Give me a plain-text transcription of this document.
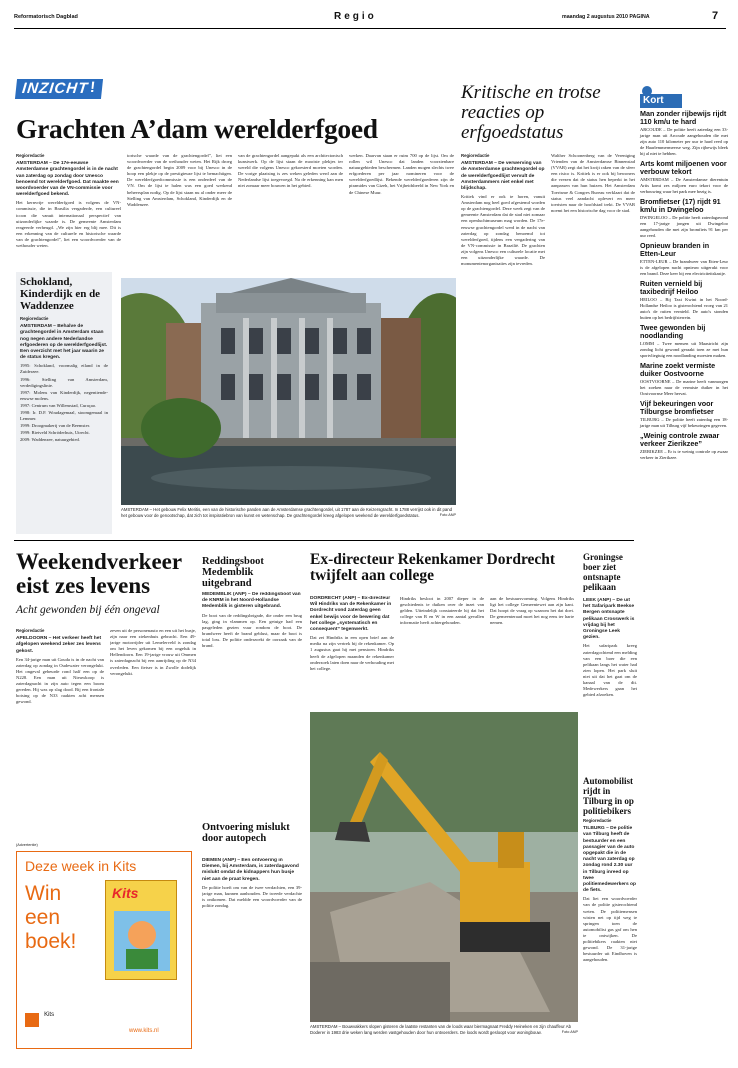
Reformatorisch Dagblad	Regio	maandag 2 augustus 2010 PAGINA	7
INZICHT !
Grachten A’dam werelderfgoed
Regioredactie
AMSTERDAM – De 17e-eeuwse Amsterdamse grachtengordel is in de nacht van zaterdag op zondag door Unesco benoemd tot werelderfgoed. Dat maakte een woordvoerder van de VN-commissie voor werelderfgoed bekend.

Het kernvrije werelderfgoed is volgens de VN-commissie, die in Brasilia vergaderde, een cultureel icoon die vanuit internationaal perspectief van uitzonderlijke waarde is. De gemeente Amsterdam reageerde verheugd. „We zijn hier erg blij mee. Dit is een erkenning van de culturele en historische waarde van de grachtengordel”, liet een woordvoerder van de wethouder weten.

torische waarde van de grachtengordel”, liet een woordvoerder van de wethouder weten. Het Rijk droeg de grachtengordel begin 2009 voor bij Unesco in de hoop een plekje op de prestigieuze lijst te bemachtigen. De werelderfgoedcommissie is een onderdeel van de VN. Om de lijst te halen was een goed werkend beheersplan nodig. Op de lijst staan nu al onder meer de Stelling van Amsterdam, Schokland, Kinderdijk en de Waddenzee.

van de grachtengordel aangepakt als een architectonisch kunstwerk. Op de lijst staan de mooiste plekjes ter wereld die volgens Unesco gekoesterd moeten worden. De vorige plaatsing is zes weken geleden werd aan de Nederlandse lijst toegevoegd. Na de erkenning kan men niet zomaar meer bouwen in het gebied.

werken. Daarvan staan er ruim 700 op de lijst. Om de rollen wil Unesco dat landen voorzienbare natuurgebieden beschermen. Landen mogen slechts twee erfgoederen per jaar nomineren voor de werelderfgoedlijst. Bekende werelderfgoederen zijn de piramides van Gizeh, het Vrijheidsbeeld in New York en de Chinese Muur.

Schokland, Kinderdijk en de Waddenzee
Regioredactie
AMSTERDAM – Behalve de grachtengordel in Amsterdam staan nog negen andere Nederlandse erfgoederen op de werelderfgoedlijst. Een overzicht met het jaar waarin ze de status kregen.

1995: Schokland, voormalig eiland in de Zuiderzee.

1996: Stelling van Amsterdam, verdedigingslinie.

1997: Molens van Kinderdijk, negentiende-eeuwse molens.

1997: Centrum van Willemstad, Curaçao.

1998: Ir. D.F. Woudagemaal, stoomgemaal in Lemmer.

1999: Droogmakerij van de Beemster.

1999: Rietveld Schröderhuis, Utrecht.

2009: Waddenzee, natuurgebied.

AMSTERDAM – Het gebouw Felix Meritis, een van de historische panden aan de Amsterdamse grachtengordel, uit 1787 aan de Keizersgracht. In 1788 verrijst ook in dit pand het gebouw voor de genootschap, dat zich tot inspiratiebron van kunst en wetenschap. De grachtengordel kreeg afgelopen weekend de werelderfgoedstatus.	Foto ANP
Kritische en trotse reacties op erfgoedstatus
Regioredactie
AMSTERDAM – De verwerving van de Amsterdamse grachtengordel op de werelderfgoedlijst vervult de Amsterdammers niet enkel met blijdschap.

Kritiek vind er ook te horen, vanuit Amsterdam nog heel goed afgestemd worden op de grachtengordel. Deze week zegt van de gemeente Amsterdam dat de stad niet zomaar een openluchtmuseum mag worden. De 17e-eeuwse grachtengordel werd in de nacht van zaterdag op zondag benoemd tot werelderfgoed, tijdens een vergadering van de VN-commissie in Brazilië. De grachten zijn volgens Unesco een culturele locatie met een uitzonderlijke waarde. De monumentenorganisaties zijn tevreden.

Walther Schoonenberg van de Vereniging Vrienden van de Amsterdamse Binnenstad (VVAB) zegt dat het kwijt raken van de sfeer een risico is. Kritiek is er ook bij bewoners die vrezen dat de status hen beperkt in het aanpassen van hun huizen. Het Amsterdam Toerisme & Congres Bureau verklaart dat de status veel aandacht oplevert en meer toeristen naar de hoofdstad trekt. De VVAB noemt het een historische dag voor de stad.

Kort
Man zonder rijbewijs rijdt 110 km/u te hard

ARCOUDE – De politie heeft zaterdag een 33-jarige man uit Arcoude aangehouden die met zijn auto 110 kilometer per uur te hard reed op de Haarlemmermeerse weg. Zijn rijbewijs bleek hij al niet te hebben.

Arts komt miljoenen voor verbouw tekort

AMSTERDAM – De Amsterdamse dierentuin Artis komt zes miljoen euro tekort voor de verbouwing waar het park mee bezig is.

Bromfietser (17) rijdt 91 km/u in Dwingeloo

DWINGELOO – De politie heeft zaterdagavond een 17-jarige jongen uit Dwingeloo aangehouden die met zijn bromfiets 91 km per uur reed.

Opnieuw branden in Etten-Leur

ETTEN-LEUR – De brandweer van Etten-Leur is de afgelopen nacht opnieuw uitgerukt voor een brand. Deze keer bij een electriciteitskastje.

Ruiten vernield bij taxibedrijf Heiloo

HEILOO – Bij Taxi Kwint in het Noord-Hollandse Heiloo is gisterochtend vroeg van 21 auto's de ruiten vernield. De auto's stonden buiten op het bedrijfsterrein.

Twee gewonden bij noodlanding

LOMM – Twee mensen uit Maastricht zijn zondag licht gewond geraakt toen ze met hun sportvliegtuig een noodlanding moesten maken.

Marine zoekt vermiste duiker Oostvoorne

OOSTVOORNE – De marine heeft vanmorgen het zoeken naar de vermiste duiker in het Oostvoornse Meer hervat.

Vijf bekeuringen voor Tilburgse bromfietser

TILBURG – De politie heeft zaterdag een 18-jarige man uit Tilburg vijf bekeuringen gegeven.

„Weinig controle zwaar verkeer Zierikzee”

ZIERIKZEE – Er is te weinig controle op zwaar verkeer in Zierikzee.

Weekendverkeer eist zes levens
Acht gewonden bij één ongeval
Regioredactie
APELDOORN – Het verkeer heeft het afgelopen weekend zeker zes levens gekost.

Een 34-jarige man uit Gouda is in de nacht van zaterdag op zondag in Oudewater verongelukt. Het ongeval gebeurde rond half een op de N228. Een man uit Nieuwkoop is zaterdagnacht in zijn auto tegen een boom gereden. Hij was op slag dood. Bij een frontale botsing op de N33 raakten acht mensen gewond.

zeven uit de personenauto en een uit het busje, zijn naar een ziekenhuis gebracht. Een 49-jarige motorrijder uit Lemelerveld is zondag om het leven gekomen bij een ongeluk in Hellendoorn. Een 19-jarige vrouw uit Ommen is zaterdagnacht bij een aanrijding op de N34 overleden. Een fietser is in Zwolle dodelijk verongelukt.

(Advertentie)
Deze week in Kits
Win een boek!
Kits
$^{Kits}$
www.kits.nl
Reddingsboot Medemblik uitgebrand
MEDEMBLIK (ANP) – De reddingsboot van de KNRM in het Noord-Hollandse Medemblik is gisteren uitgebrand.

De boot van de reddingsbrigade, die onder een brug lag, ging in vlammen op. Een getuige had een pasgeleden gezien vuur rondom de boot. De brandweer heeft de brand geblust, maar de boot is total loss. De politie onderzoekt de oorzaak van de brand.

Ontvoering mislukt door autopech
DIEMEN (ANP) – Een ontvoering in Diemen, bij Amsterdam, is zaterdagavond mislukt omdat de kidnappers hun busje niet aan de praat kregen.

De politie hoeft om van de twee verdachten, een 39-jarige man, kunnen aanhouden. De tweede verdachte is ontkomen. Dat meldde een woordvoerder van de politie zondag.

Ex-directeur Rekenkamer Dordrecht twijfelt aan college
DORDRECHT (ANP) – Ex-directeur Wil Hindriks van de Rekenkamer in Dordrecht vond zaterdag geen enkel bewijs voor de bewering dat het college „systematisch en consequent” tegenwerkt.

Dat zei Hindriks in een open brief aan de media na zijn vertrek bij de rekenkamer. Op 1 augustus gaat hij met pensioen. Hindriks heeft de afgelopen maanden de rekenkamer onderzoek laten doen naar de verhouding met het college.

Hindriks besloot in 2007 dieper in de geschiedenis te duiken over de inzet van gelden. Uiteindelijk constateerde hij dat het college van B en W in een aantal gevallen informatie heeft achtergehouden.

aan de bestuursvorming. Volgens Hindriks ligt het college Gemeentewet aan zijn kant. Dat hoopt de vraag op waarom het dat doet. De gemeenteraad moet het nog eens ter harte nemen.

AMSTERDAM – Bouwvakkers slopen gisteren de laatste restanten van de loods waar biermagnaat Freddy Heineken en zijn chauffeur Ab Doderer in 1983 drie weken lang werden vastgehouden door hun ontvoerders. De loods wordt gesloopt voor woningbouw.	Foto ANP
Groningse boer ziet ontsnapte pelikaan
LEEK (ANP) – De uit het Safaripark Beekse Bergen ontsnapte pelikaan Crosswerk is vrijdag bij het Groningse Leek gezien.

Het safaripark kreeg zaterdagochtend een melding van een boer die een pelikaan langs het water had zien lopen. Het park sluit niet uit dat het gaat om de kanaal van de dit. Medewerkers gaan het gebied afzoeken.

Automobilist rijdt in Tilburg in op politiebikers
Regioredactie
TILBURG – De politie van Tilburg heeft de bestuurder en een passagier van de auto opgepakt die in de nacht van zaterdag op zondag rond 2.30 uur in Tilburg inreed op twee politiemedewerkers op de fiets.

Dat liet een woordvoerder van de politie gisterochtend weten. De politiemensen wisten net op tijd weg te springen toen de automobilist gas gaf om hen te ontwijken. De politiebikers raakten niet gewond. De 31-jarige bestuurder uit Eindhoven is aangehouden.
